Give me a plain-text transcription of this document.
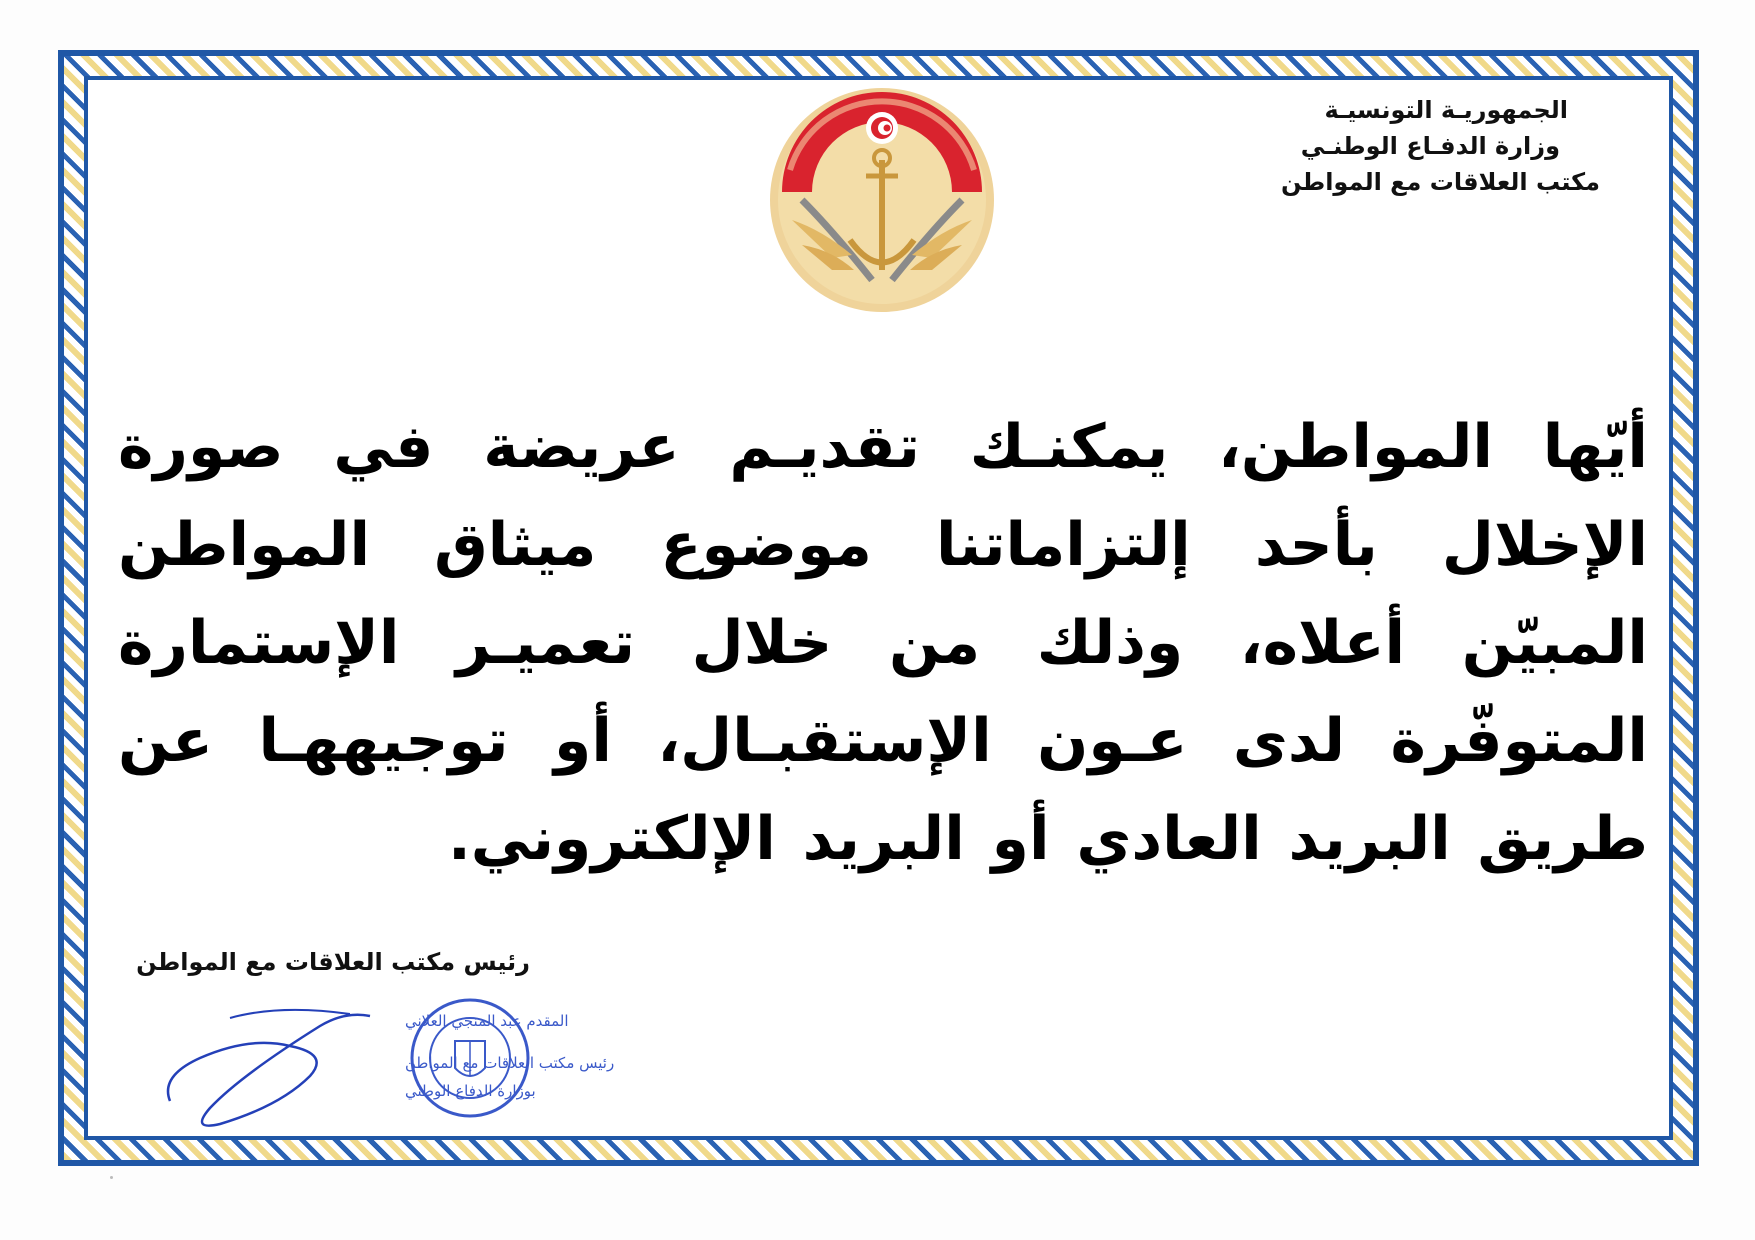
الجمهوريـة التونسيـة
وزارة الدفـاع الوطنـي
مكتب العلاقات مع المواطن
أيّها المواطن، يمكنـك تقديـم عريضة في صورة الإخلال بأحد إلتزاماتنا موضوع ميثاق المواطن المبيّن أعلاه، وذلك من خلال تعميـر الإستمارة المتوفّرة لدى عـون الإستقبـال، أو توجيههـا عن طريق البريد العادي أو البريد الإلكتروني.
رئيس مكتب العلاقات مع المواطن
المقدم عبد المنجي العلاني
رئيس مكتب العلاقات مع المواطن
بوزارة الدفاع الوطني
